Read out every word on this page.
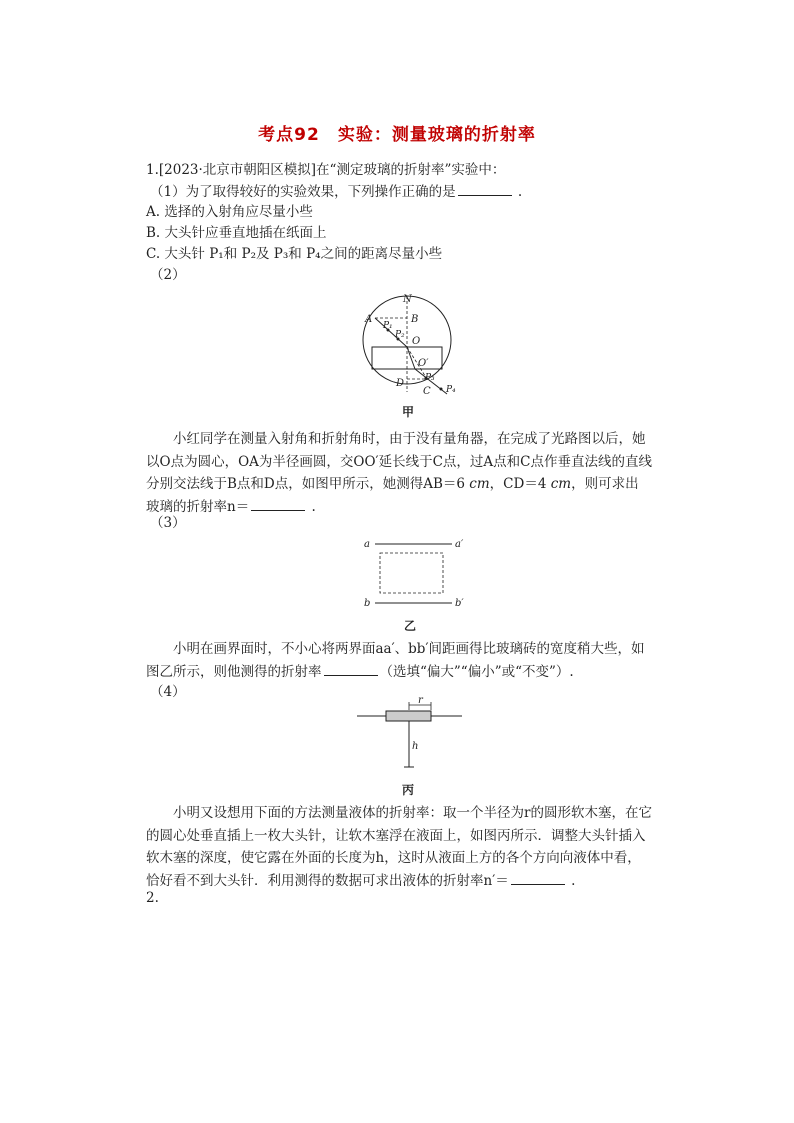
考点92　实验：测量玻璃的折射率
1.[2023·北京市朝阳区模拟]在“测定玻璃的折射率”实验中：
（1）为了取得较好的实验效果，下列操作正确的是	.
A. 选择的入射角应尽量小些
B. 大头针应垂直地插在纸面上
C. 大头针 P₁和 P₂及 P₃和 P₄之间的距离尽量小些
（2）
N
A	B
P₁
P₂
O
O′
D P₃
C P₄
甲
小红同学在测量入射角和折射角时，由于没有量角器，在完成了光路图以后，她以O点为圆心，OA为半径画圆，交OO′延长线于C点，过A点和C点作垂直法线的直线分别交法线于B点和D点，如图甲所示，她测得AB＝6 cm，CD＝4 cm，则可求出玻璃的折射率n＝	.
（3）
a	a′
b	b′
乙
小明在画界面时，不小心将两界面aa′、bb′间距画得比玻璃砖的宽度稍大些，如图乙所示，则他测得的折射率	（选填“偏大”“偏小”或“不变”）.
（4）
r
h
丙
小明又设想用下面的方法测量液体的折射率：取一个半径为r的圆形软木塞，在它的圆心处垂直插上一枚大头针，让软木塞浮在液面上，如图丙所示．调整大头针插入软木塞的深度，使它露在外面的长度为h，这时从液面上方的各个方向向液体中看，恰好看不到大头针．利用测得的数据可求出液体的折射率n′＝	.
2.
